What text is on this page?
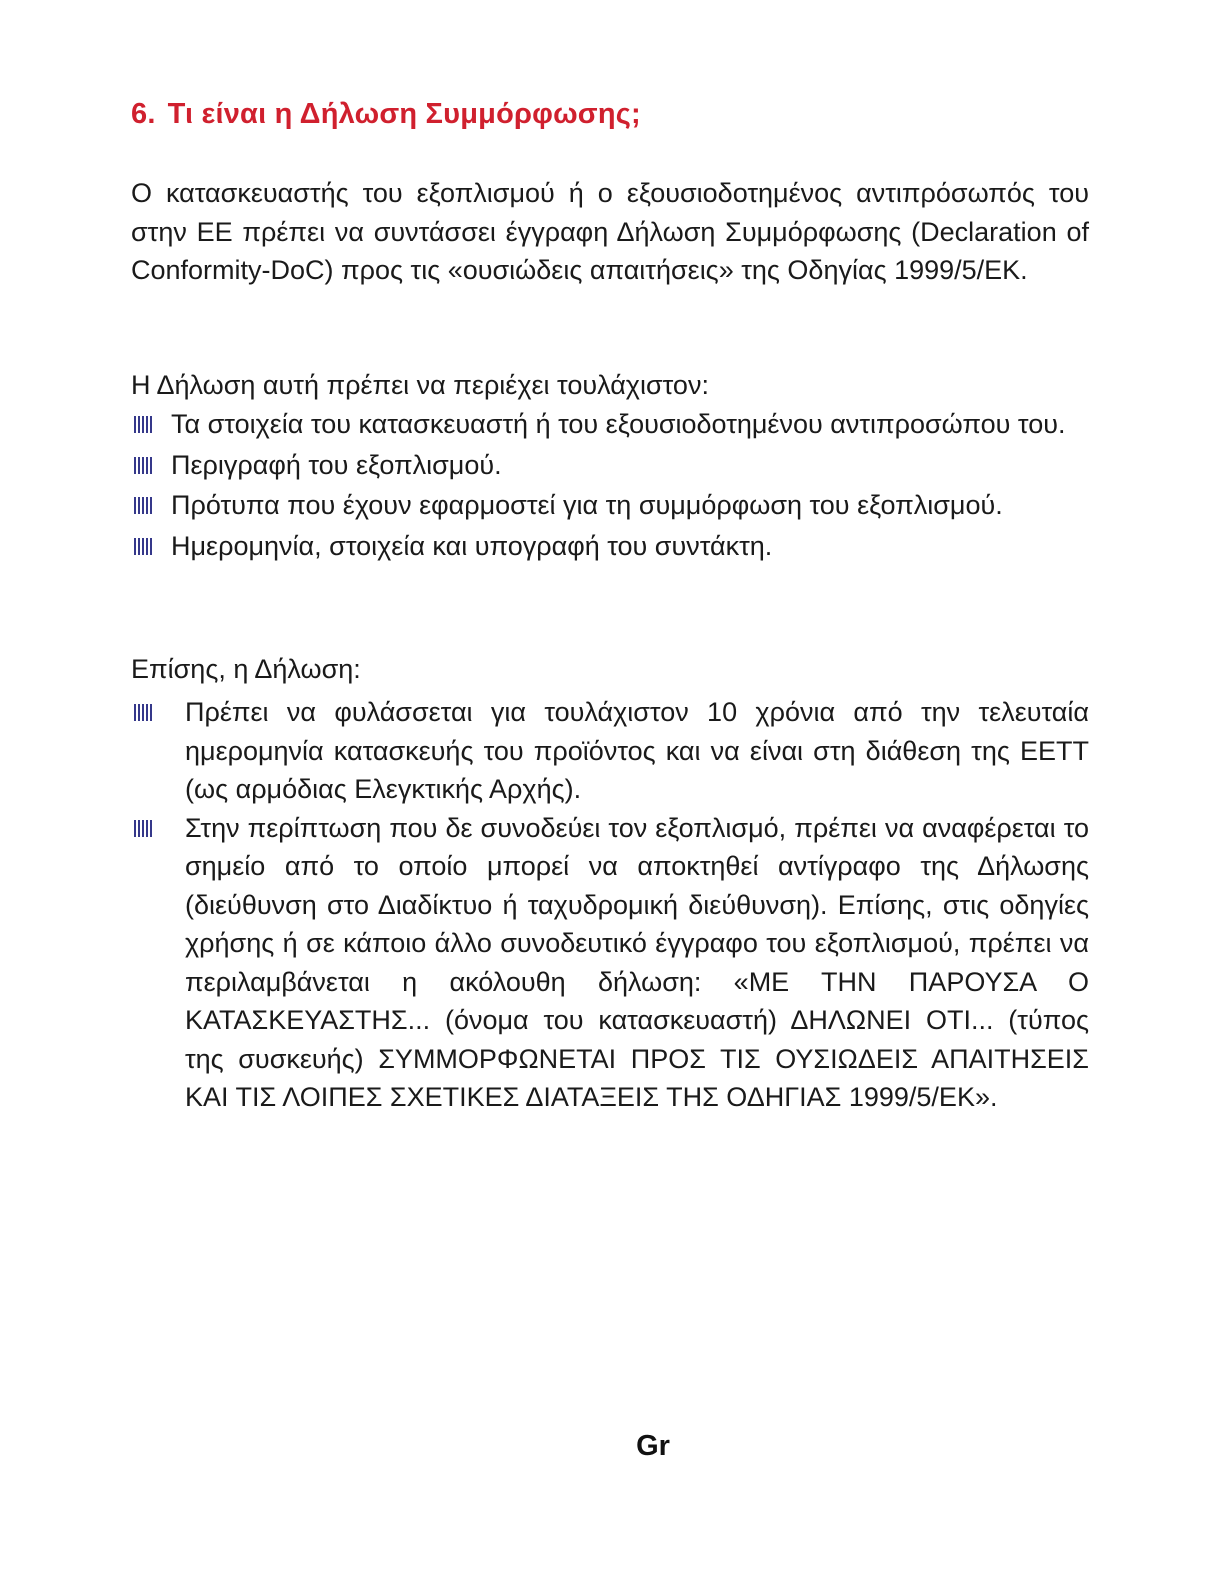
6. Τι είναι η Δήλωση Συμμόρφωσης;

Ο κατασκευαστής του εξοπλισμού ή ο εξουσιοδοτημένος αντιπρόσωπός του στην ΕΕ πρέπει να συντάσσει έγγραφη Δήλωση Συμμόρφωσης (Declaration of Conformity-DoC) προς τις «ουσιώδεις απαιτήσεις» της Οδηγίας 1999/5/ΕΚ.

Η Δήλωση αυτή πρέπει να περιέχει τουλάχιστον:

Τα στοιχεία του κατασκευαστή ή του εξουσιοδοτημένου αντιπροσώπου του.
Περιγραφή του εξοπλισμού.
Πρότυπα που έχουν εφαρμοστεί για τη συμμόρφωση του εξοπλισμού.
Ημερομηνία, στοιχεία και υπογραφή του συντάκτη.

Επίσης, η Δήλωση:

Πρέπει να φυλάσσεται για τουλάχιστον 10 χρόνια από την τελευταία ημερομηνία κατασκευής του προϊόντος και να είναι στη διάθεση της ΕΕΤΤ (ως αρμόδιας Ελεγκτικής Αρχής).
Στην περίπτωση που δε συνοδεύει τον εξοπλισμό, πρέπει να αναφέρεται το σημείο από το οποίο μπορεί να αποκτηθεί αντίγραφο της Δήλωσης (διεύθυνση στο Διαδίκτυο ή ταχυδρομική διεύθυνση). Επίσης, στις οδηγίες χρήσης ή σε κάποιο άλλο συνοδευτικό έγγραφο του εξοπλισμού, πρέπει να περιλαμβάνεται η ακόλουθη δήλωση: «ΜΕ ΤΗΝ ΠΑΡΟΥΣΑ Ο ΚΑΤΑΣΚΕΥΑΣΤΗΣ... (όνομα του κατασκευαστή) ΔΗΛΩΝΕΙ ΟΤΙ... (τύπος της συσκευής) ΣΥΜΜΟΡΦΩΝΕΤΑΙ ΠΡΟΣ ΤΙΣ ΟΥΣΙΩΔΕΙΣ ΑΠΑΙΤΗΣΕΙΣ ΚΑΙ ΤΙΣ ΛΟΙΠΕΣ ΣΧΕΤΙΚΕΣ ΔΙΑΤΑΞΕΙΣ ΤΗΣ ΟΔΗΓΙΑΣ 1999/5/ΕΚ».
Gr
